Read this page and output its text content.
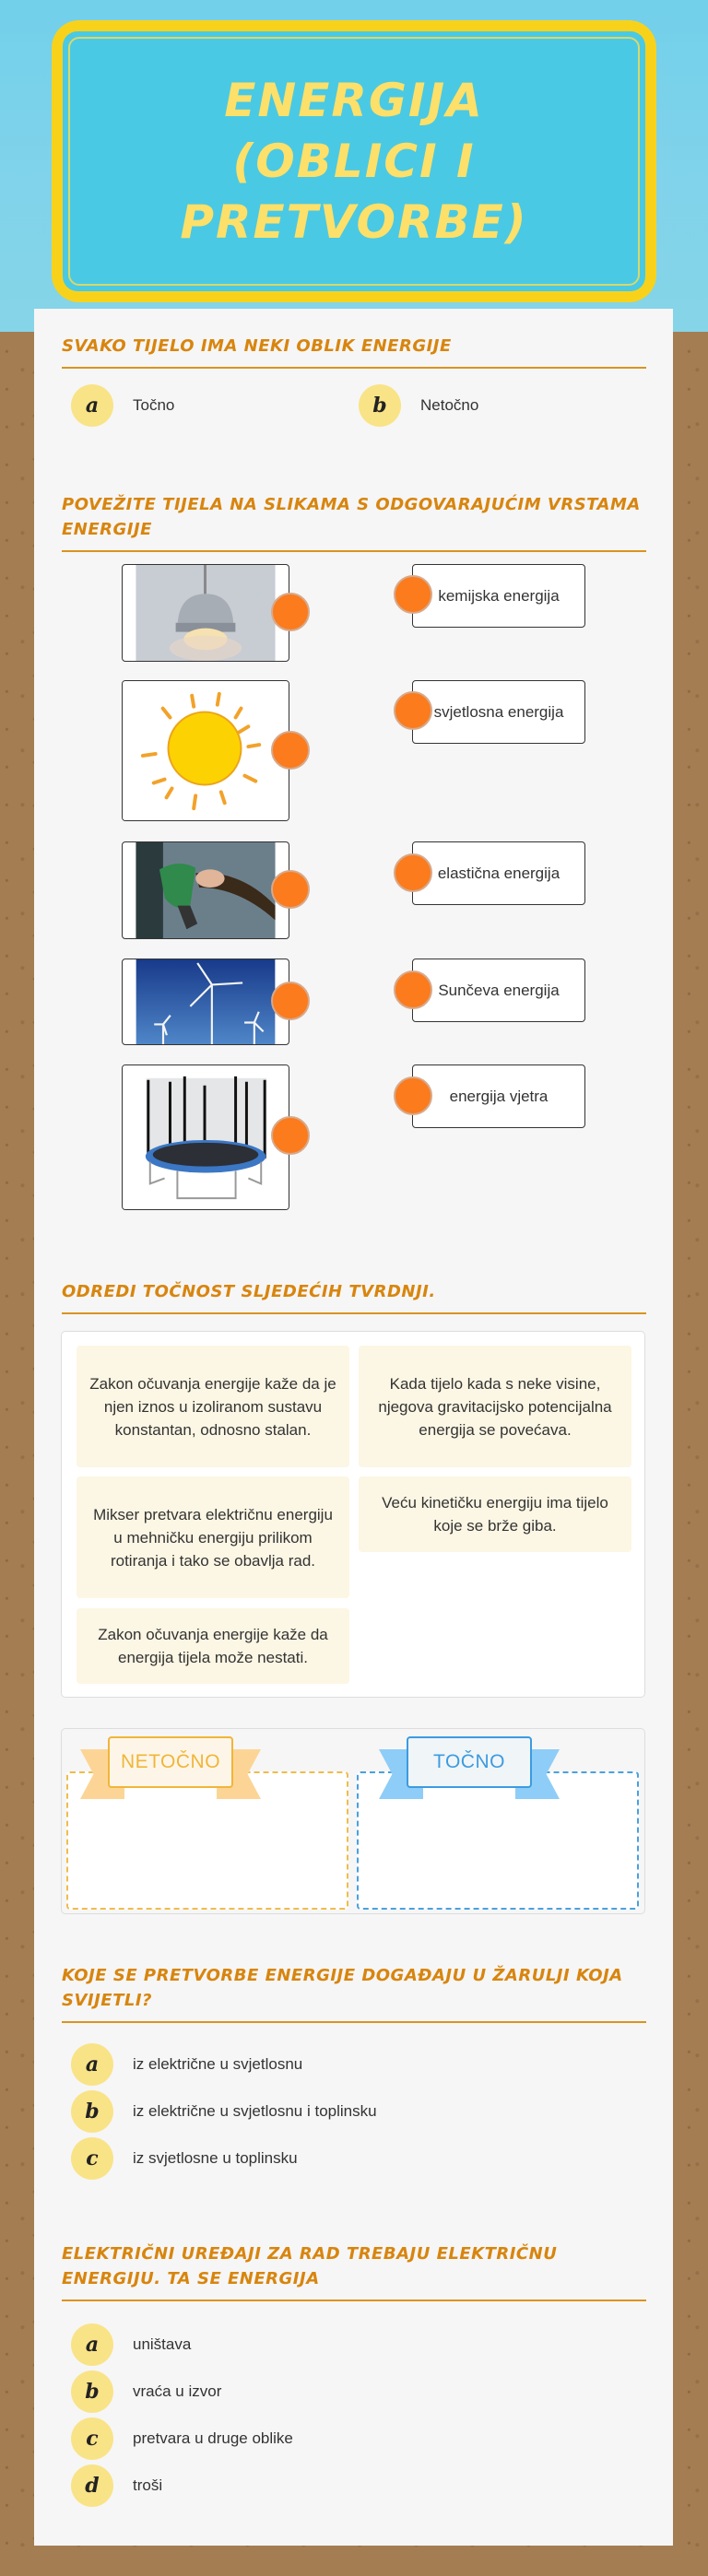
ENERGIJA (OBLICI I PRETVORBE)
SVAKO TIJELO IMA NEKI OBLIK ENERGIJE
a	Točno	b	Netočno
POVEŽITE TIJELA NA SLIKAMA S ODGOVARAJUĆIM VRSTAMA ENERGIJE
kemijska energija
svjetlosna energija
elastična energija
Sunčeva energija
energija vjetra
ODREDI TOČNOST SLJEDEĆIH TVRDNJI.
Zakon očuvanja energije kaže da je njen iznos u izoliranom sustavu konstantan, odnosno stalan.
Kada tijelo kada s neke visine, njegova gravitacijsko potencijalna energija se povećava.
Mikser pretvara električnu energiju u mehničku energiju prilikom rotiranja i tako se obavlja rad.
Veću kinetičku energiju ima tijelo koje se brže giba.
Zakon očuvanja energije kaže da energija tijela može nestati.
NETOČNO	TOČNO
KOJE SE PRETVORBE ENERGIJE DOGAĐAJU U ŽARULJI KOJA SVIJETLI?
a	iz električne u svjetlosnu
b	iz električne u svjetlosnu i toplinsku
c	iz svjetlosne u toplinsku
ELEKTRIČNI UREĐAJI ZA RAD TREBAJU ELEKTRIČNU ENERGIJU. TA SE ENERGIJA
a	uništava
b	vraća u izvor
c	pretvara u druge oblike
d	troši
